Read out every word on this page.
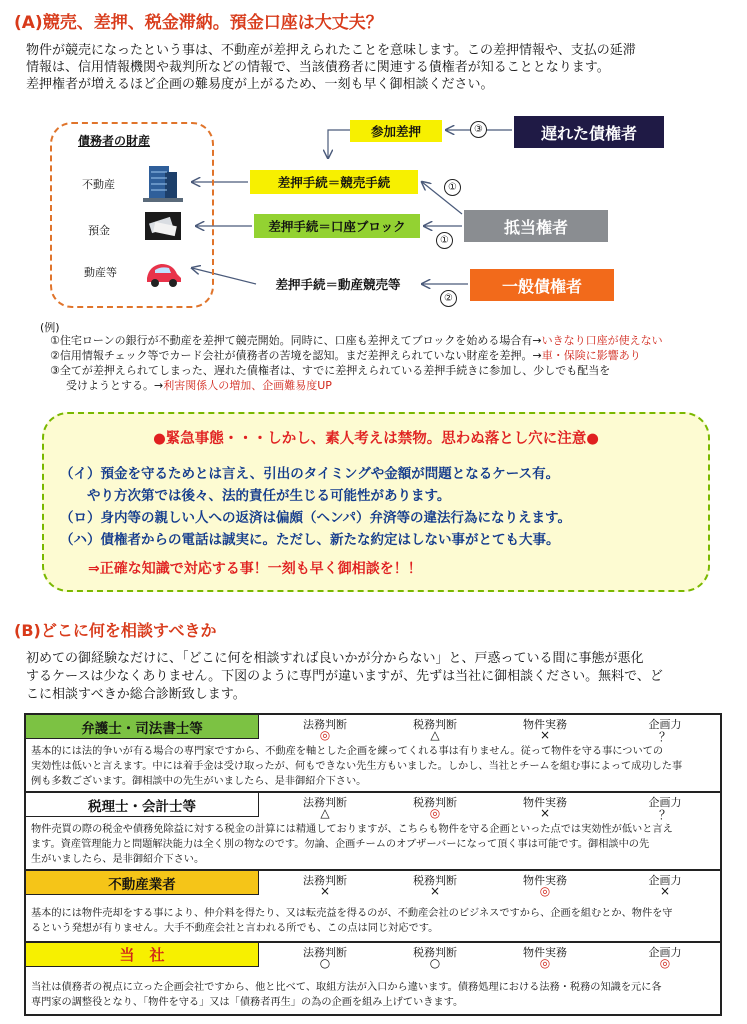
(A)競売、差押、税金滞納。預金口座は大丈夫？
物件が競売になったという事は、不動産が差押えられたことを意味します。この差押情報や、支払の延滞
情報は、信用情報機関や裁判所などの情報で、当該債務者に関連する債権者が知ることとなります。
差押権者が増えるほど企画の難易度が上がるため、一刻も早く御相談ください。
債務者の財産
不動産
預金
動産等
参加差押
差押手続＝競売手続
差押手続＝口座ブロック
差押手続＝動産競売等
遅れた債権者
抵当権者
一般債権者
③
①
①
②
(例)
①住宅ローンの銀行が不動産を差押て競売開始。同時に、口座も差押えてブロックを始める場合有→いきなり口座が使えない
②信用情報チェック等でカード会社が債務者の苦境を認知。まだ差押えられていない財産を差押。→車・保険に影響あり
③全てが差押えられてしまった、遅れた債権者は、すでに差押えられている差押手続きに参加し、少しでも配当を
受けようとする。→利害関係人の増加、企画難易度UP
●緊急事態・・・しかし、素人考えは禁物。思わぬ落とし穴に注意●
（イ）預金を守るためとは言え、引出のタイミングや金額が問題となるケース有。
　　やり方次第では後々、法的責任が生じる可能性があります。
（ロ）身内等の親しい人への返済は偏頗（ヘンパ）弁済等の違法行為になりえます。
（ハ）債権者からの電話は誠実に。ただし、新たな約定はしない事がとても大事。
⇒正確な知識で対応する事！一刻も早く御相談を！！
(B)どこに何を相談すべきか
初めての御経験なだけに、「どこに何を相談すれば良いかが分からない」と、戸惑っている間に事態が悪化
するケースは少なくありません。下図のように専門が違いますが、先ずは当社に御相談ください。無料で、ど
こに相談すべきか総合診断致します。
弁護士・司法書士等	法務判断	税務判断	物件実務	企画力
◎	△	×	？
基本的には法的争いが有る場合の専門家ですから、不動産を軸とした企画を練ってくれる事は有りません。従って物件を守る事についての
実効性は低いと言えます。中には着手金は受け取ったが、何もできない先生方もいました。しかし、当社とチームを組む事によって成功した事
例も多数ございます。御相談中の先生がいましたら、是非御紹介下さい。
税理士・会計士等	法務判断	税務判断	物件実務	企画力
△	◎	×	？
物件売買の際の税金や債務免除益に対する税金の計算には精通しておりますが、こちらも物件を守る企画といった点では実効性が低いと言え
ます。資産管理能力と問題解決能力は全く別の物なのです。勿論、企画チームのオブザーバーになって頂く事は可能です。御相談中の先
生がいましたら、是非御紹介下さい。
不動産業者	法務判断	税務判断	物件実務	企画力
×	×	◎	×
基本的には物件売却をする事により、仲介料を得たり、又は転売益を得るのが、不動産会社のビジネスですから、企画を組むとか、物件を守
るという発想が有りません。大手不動産会社と言われる所でも、この点は同じ対応です。
当　社	法務判断	税務判断	物件実務	企画力
○	○	◎	◎
当社は債務者の視点に立った企画会社ですから、他と比べて、取組方法が入口から違います。債務処理における法務・税務の知識を元に各
専門家の調整役となり、「物件を守る」又は「債務者再生」の為の企画を組み上げていきます。
